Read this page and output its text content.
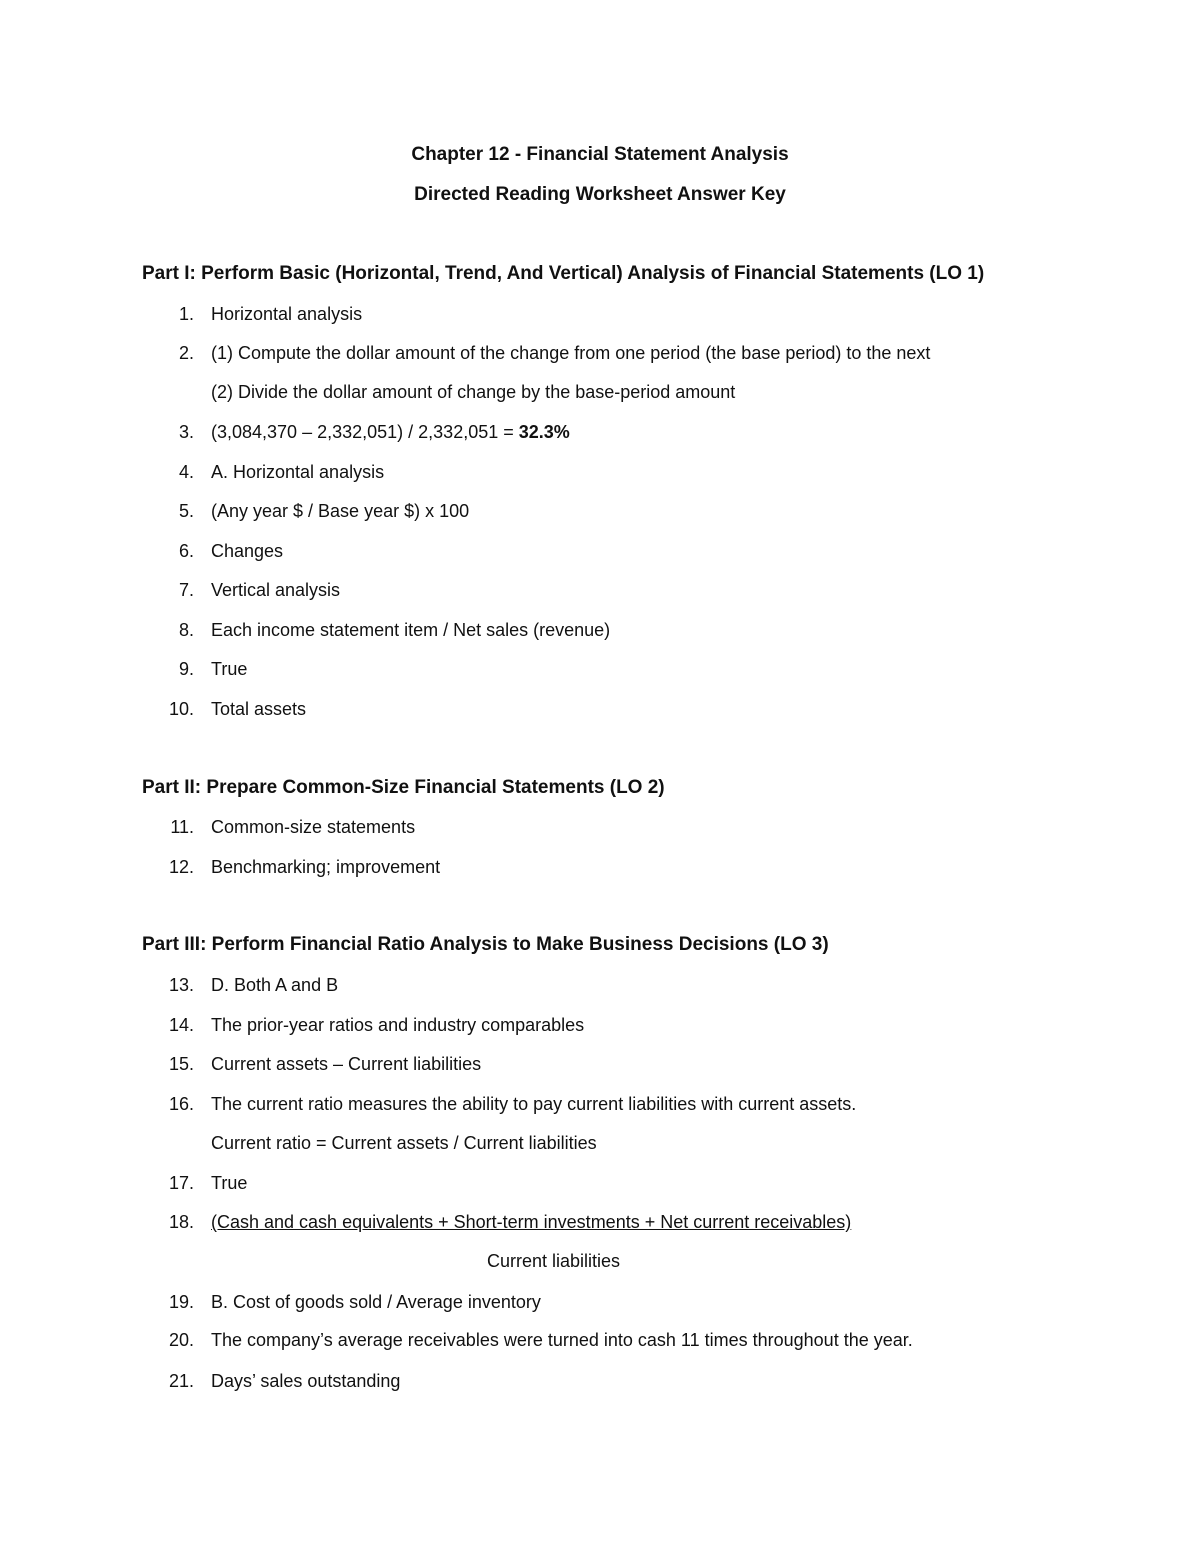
Chapter 12 - Financial Statement Analysis
Directed Reading Worksheet Answer Key
Part I: Perform Basic (Horizontal, Trend, And Vertical) Analysis of Financial Statements (LO 1)
1. Horizontal analysis
2. (1) Compute the dollar amount of the change from one period (the base period) to the next
(2) Divide the dollar amount of change by the base-period amount
3. (3,084,370 – 2,332,051) / 2,332,051 = 32.3%
4. A. Horizontal analysis
5. (Any year $ / Base year $) x 100
6. Changes
7. Vertical analysis
8. Each income statement item / Net sales (revenue)
9. True
10. Total assets
Part II: Prepare Common-Size Financial Statements (LO 2)
11. Common-size statements
12. Benchmarking; improvement
Part III: Perform Financial Ratio Analysis to Make Business Decisions (LO 3)
13. D. Both A and B
14. The prior-year ratios and industry comparables
15. Current assets – Current liabilities
16. The current ratio measures the ability to pay current liabilities with current assets.
Current ratio = Current assets / Current liabilities
17. True
18. (Cash and cash equivalents + Short-term investments + Net current receivables)
Current liabilities
19. B. Cost of goods sold / Average inventory
20. The company’s average receivables were turned into cash 11 times throughout the year.
21. Days’ sales outstanding
